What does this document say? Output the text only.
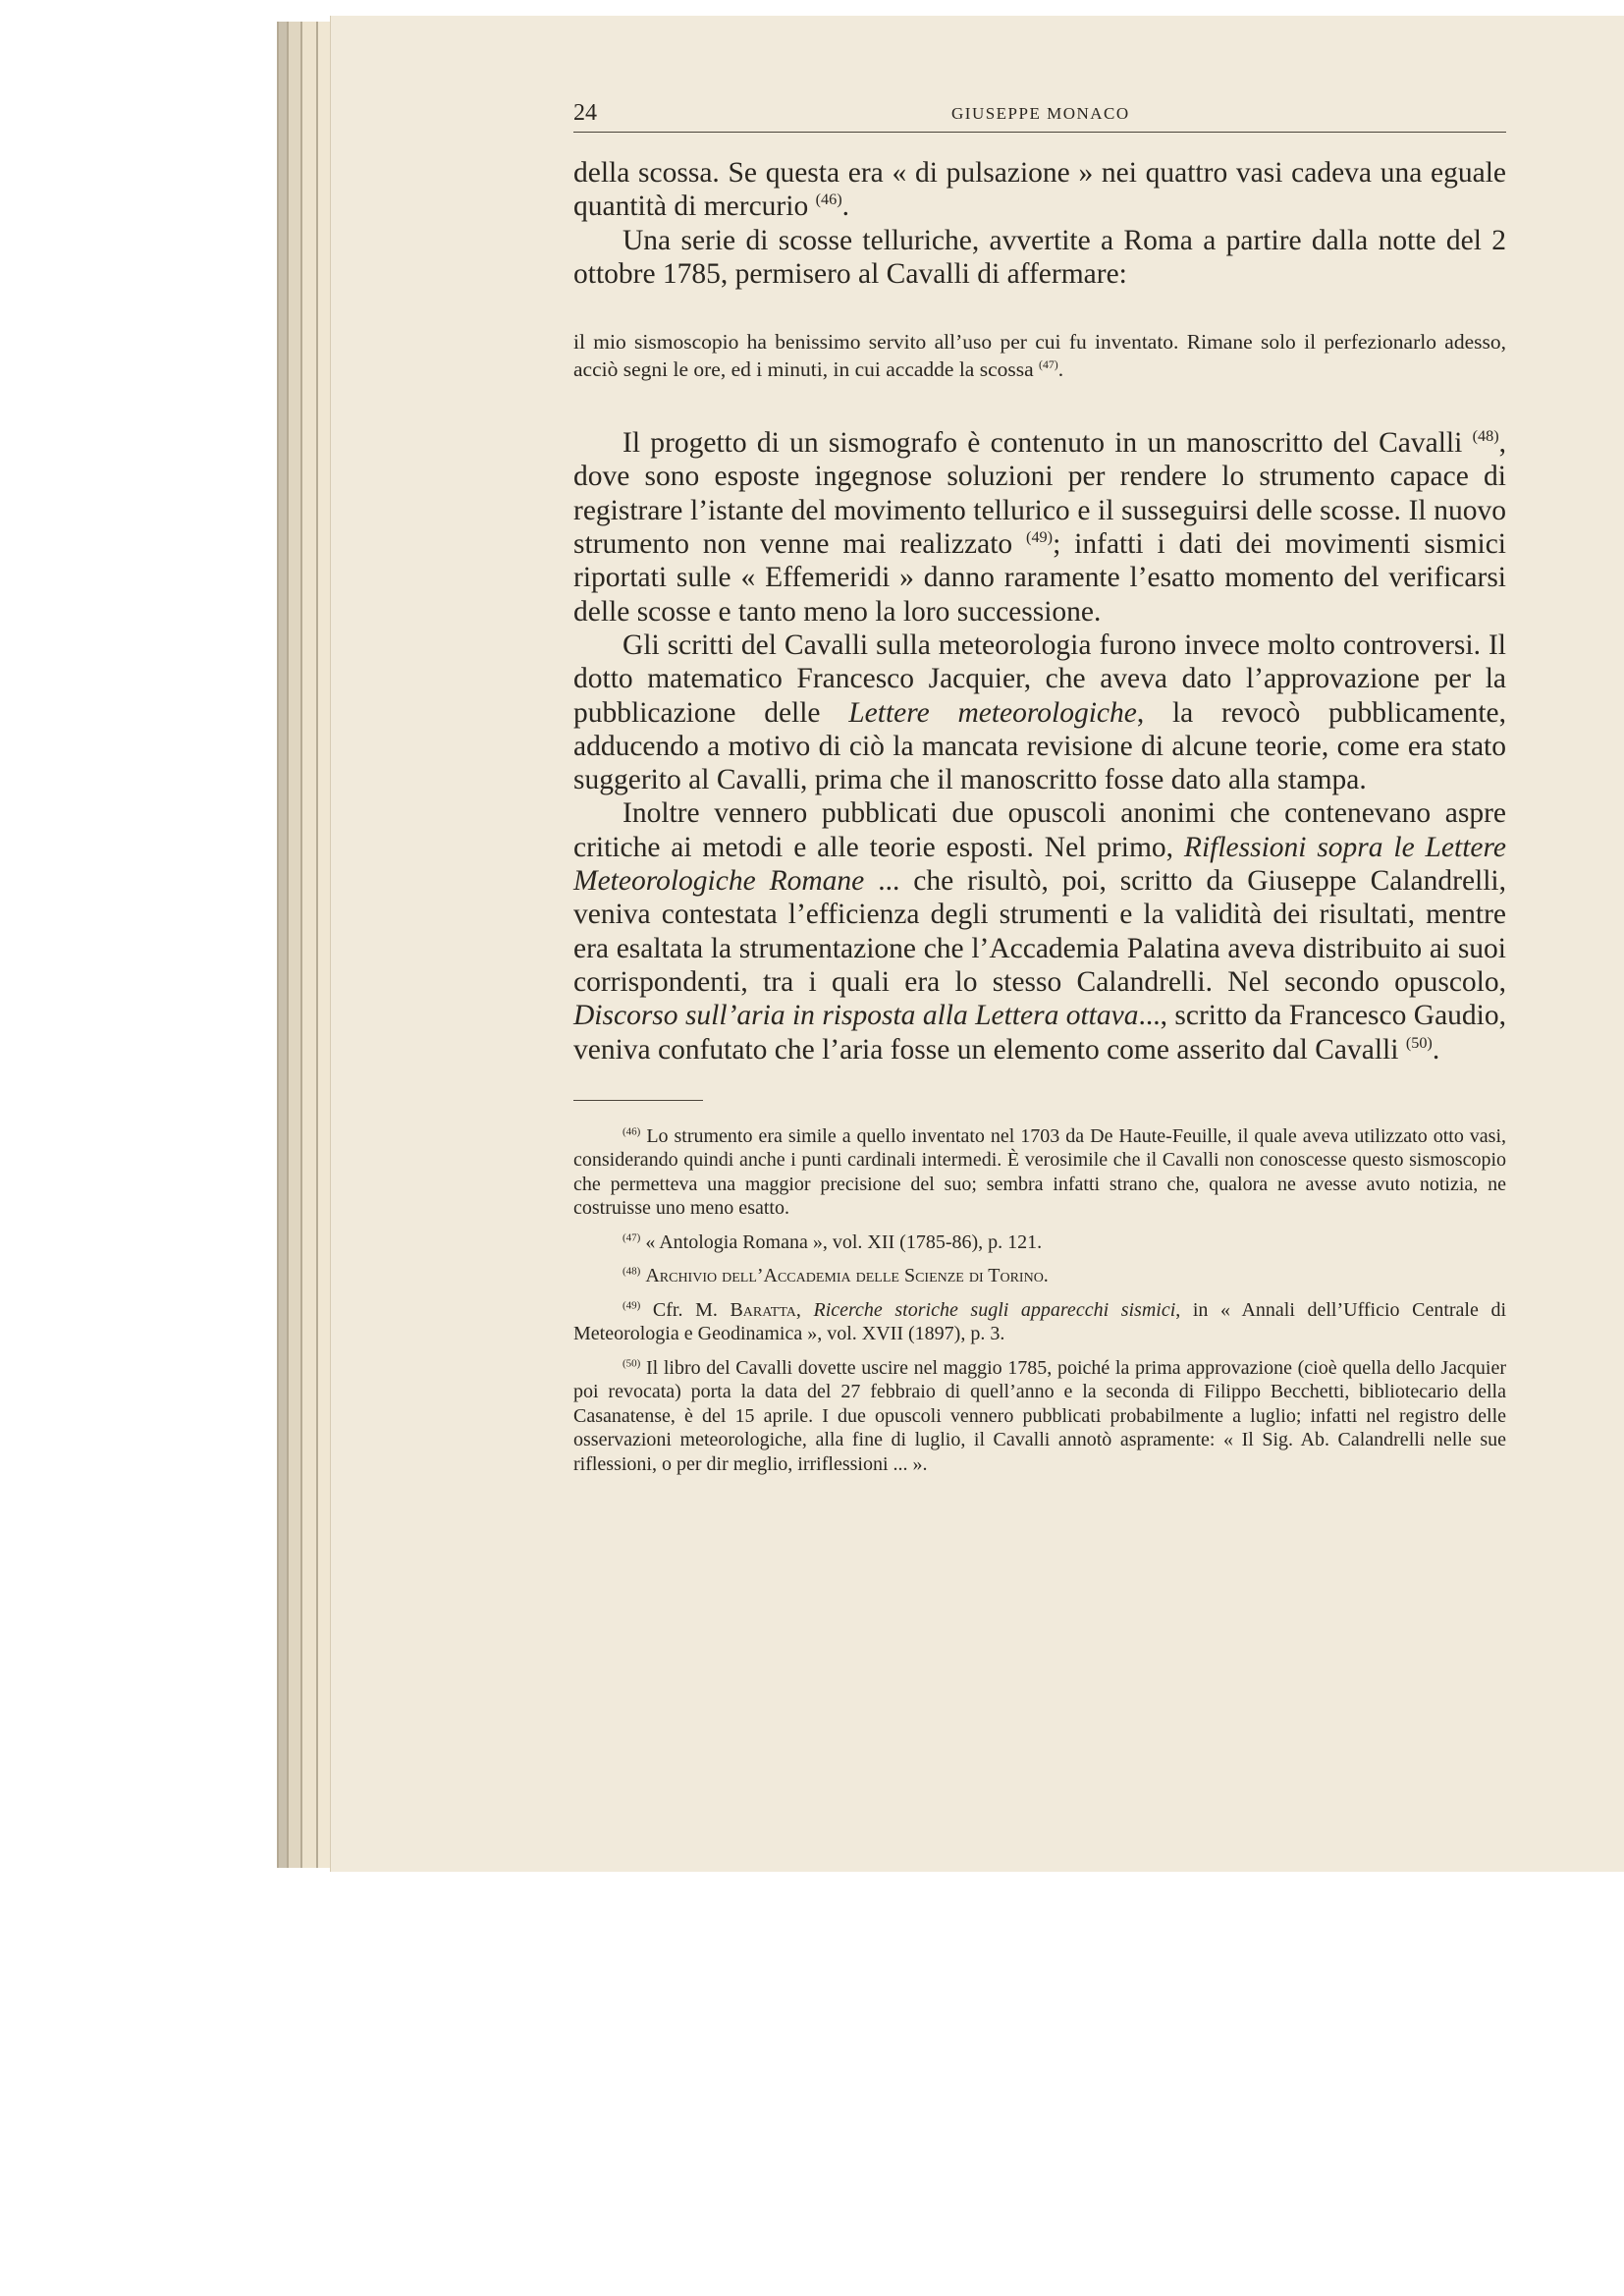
24	GIUSEPPE MONACO

della scossa. Se questa era « di pulsazione » nei quattro vasi cadeva una eguale quantità di mercurio $^{(46)}$.

Una serie di scosse telluriche, avvertite a Roma a partire dalla notte del 2 ottobre 1785, permisero al Cavalli di affermare:

il mio sismoscopio ha benissimo servito all’uso per cui fu inventato. Rimane solo il perfezionarlo adesso, acciò segni le ore, ed i minuti, in cui accadde la scossa $^{(47)}$.

Il progetto di un sismografo è contenuto in un manoscritto del Cavalli $^{(48)}$, dove sono esposte ingegnose soluzioni per rendere lo strumento capace di registrare l’istante del movimento tellurico e il susseguirsi delle scosse. Il nuovo strumento non venne mai realizzato $^{(49)}$; infatti i dati dei movimenti sismici riportati sulle « Effemeridi » danno raramente l’esatto momento del verificarsi delle scosse e tanto meno la loro successione.

Gli scritti del Cavalli sulla meteorologia furono invece molto controversi. Il dotto matematico Francesco Jacquier, che aveva dato l’approvazione per la pubblicazione delle Lettere meteorologiche, la revocò pubblicamente, adducendo a motivo di ciò la mancata revisione di alcune teorie, come era stato suggerito al Cavalli, prima che il manoscritto fosse dato alla stampa.

Inoltre vennero pubblicati due opuscoli anonimi che contenevano aspre critiche ai metodi e alle teorie esposti. Nel primo, Riflessioni sopra le Lettere Meteorologiche Romane ... che risultò, poi, scritto da Giuseppe Calandrelli, veniva contestata l’efficienza degli strumenti e la validità dei risultati, mentre era esaltata la strumentazione che l’Accademia Palatina aveva distribuito ai suoi corrispondenti, tra i quali era lo stesso Calandrelli. Nel secondo opuscolo, Discorso sull’aria in risposta alla Lettera ottava..., scritto da Francesco Gaudio, veniva confutato che l’aria fosse un elemento come asserito dal Cavalli $^{(50)}$.

$^{(46)}$ Lo strumento era simile a quello inventato nel 1703 da De Haute-Feuille, il quale aveva utilizzato otto vasi, considerando quindi anche i punti cardinali intermedi. È verosimile che il Cavalli non conoscesse questo sismoscopio che permetteva una maggior precisione del suo; sembra infatti strano che, qualora ne avesse avuto notizia, ne costruisse uno meno esatto.

$^{(47)}$ « Antologia Romana », vol. XII (1785-86), p. 121.

$^{(48)}$ Archivio dell’Accademia delle Scienze di Torino.

$^{(49)}$ Cfr. M. Baratta, Ricerche storiche sugli apparecchi sismici, in « Annali dell’Ufficio Centrale di Meteorologia e Geodinamica », vol. XVII (1897), p. 3.

$^{(50)}$ Il libro del Cavalli dovette uscire nel maggio 1785, poiché la prima approvazione (cioè quella dello Jacquier poi revocata) porta la data del 27 febbraio di quell’anno e la seconda di Filippo Becchetti, bibliotecario della Casanatense, è del 15 aprile. I due opuscoli vennero pubblicati probabilmente a luglio; infatti nel registro delle osservazioni meteorologiche, alla fine di luglio, il Cavalli annotò aspramente: « Il Sig. Ab. Calandrelli nelle sue riflessioni, o per dir meglio, irriflessioni ... ».
